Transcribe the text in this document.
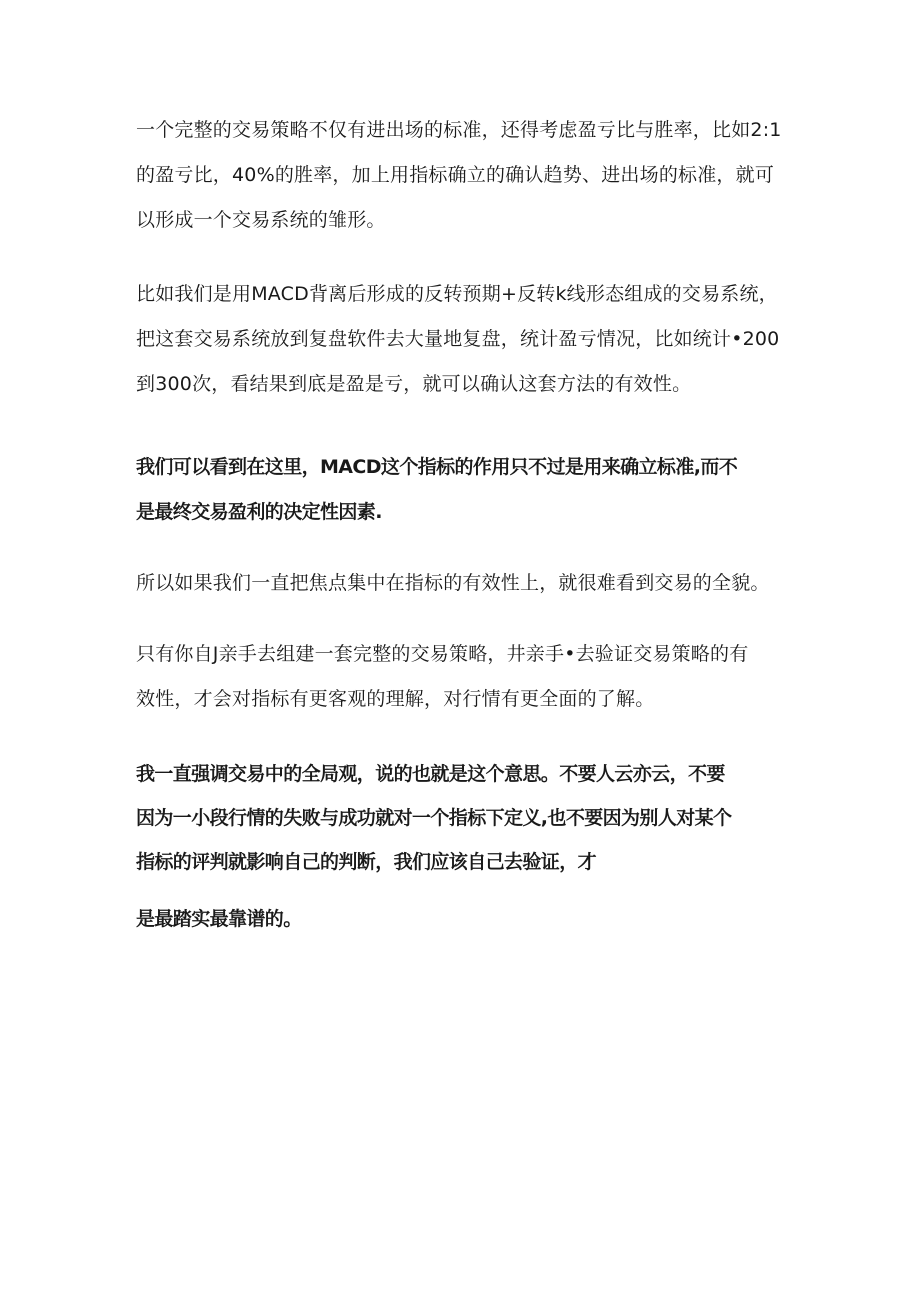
一个完整的交易策略不仅有进出场的标准，还得考虑盈亏比与胜率，比如2:1
的盈亏比，40%的胜率，加上用指标确立的确认趋势、进出场的标准，就可
以形成一个交易系统的雏形。
比如我们是用MACD背离后形成的反转预期+反转k线形态组成的交易系统，
把这套交易系统放到复盘软件去大量地复盘，统计盈亏情况，比如统计•200
到300次，看结果到底是盈是亏，就可以确认这套方法的有效性。
我们可以看到在这里，MACD这个指标的作用只不过是用来确立标准,而不
是最终交易盈利的决定性因素.
所以如果我们一直把焦点集中在指标的有效性上，就很难看到交易的全貌。
只有你自J亲手去组建一套完整的交易策略，井亲手•去验证交易策略的有
效性，才会对指标有更客观的理解，对行情有更全面的了解。
我一直强调交易中的全局观，说的也就是这个意思。不要人云亦云，不要
因为一小段行情的失败与成功就对一个指标下定义,也不要因为别人对某个
指标的评判就影响自己的判断，我们应该自己去验证，才
是最踏实最靠谱的。
